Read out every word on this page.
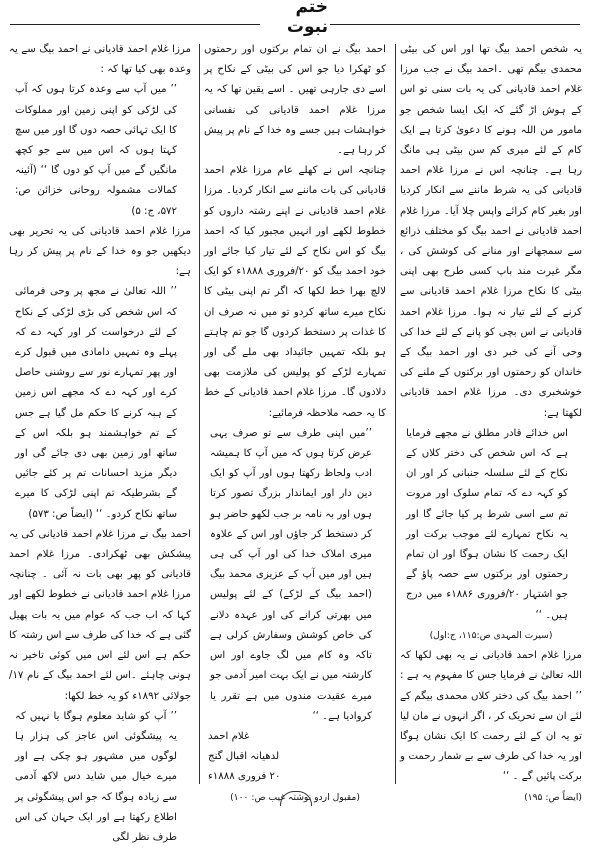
ختم نبوت

یہ شخص احمد بیگ تھا اور اس کی بیٹی محمدی بیگم تھی ۔احمد بیگ نے جب مرزا غلام احمد قادیانی کی یہ بات سنی تو اس کے ہوش اڑ گئے کہ ایک ایسا شخص جو مامور من اللہ ہونے کا دعویٰ کرتا ہے ایک کام کے لئے میری کم سن بیٹی ہی مانگ رہا ہے۔ چنانچہ اس نے مرزا غلام احمد قادیانی کی یہ شرط ماننے سے انکار کردیا اور بغیر کام کرائے واپس چلا آیا۔ مرزا غلام احمد قادیانی نے احمد بیگ کو مختلف ذرائع سے سمجھانے اور منانے کی کوشش کی ، مگر غیرت مند باپ کسی طرح بھی اپنی بیٹی کا نکاح مرزا غلام احمد قادیانی سے کرنے کے لئے تیار نہ ہوا۔ مرزا غلام احمد قادیانی نے اس بچی کو پانے کے لئے خدا کی وحی آنے کی خبر دی اور احمد بیگ کے خاندان کو رحمتوں اور برکتوں کے ملنے کی خوشخبری دی۔ مرزا غلام احمد قادیانی لکھتا ہے:

اس خدائے قادر مطلق نے مجھے فرمایا ہے کہ اس شخص کی دختر کلاں کے نکاح کے لئے سلسلہ جنبانی کر اور ان کو کہہ دے کہ تمام سلوک اور مروت تم سے اسی شرط پر کیا جائے گا اور یہ نکاح تمہارے لئے موجب برکت اور ایک رحمت کا نشان ہوگا اور ان تمام رحمتوں اور برکتوں سے حصہ پاؤ گے جو اشتہار ۲۰/فروری ۱۸۸۶ء میں درج ہیں۔ ‘‘

(سیرت المہدی ص:۱۱۵، ج:اول)

مرزا غلام احمد قادیانی نے یہ بھی لکھا کہ اللہ تعالیٰ نے فرمایا جس کا مفہوم یہ ہے : ’’ احمد بیگ کی دختر کلاں محمدی بیگم کے لئے ان سے تحریک کر ، اگر انہوں نے مان لیا تو یہ ان کے لئے رحمت کا ایک نشان ہوگا اور یہ خدا کی طرف سے بے شمار رحمت و برکت پائیں گے ۔ ‘‘

(ایضاً ص: ۱۹۵)

احمد بیگ نے ان تمام برکتوں اور رحمتوں کو ٹھکرا دیا جو اس کی بیٹی کے نکاح پر اسے دی جارہی تھیں ۔ اسے یقین تھا کہ یہ مرزا غلام احمد قادیانی کی نفسانی خواہشات ہیں جسے وہ خدا کے نام پر پیش کر رہا ہے۔

چنانچہ اس نے کھلے عام مرزا غلام احمد قادیانی کی بات ماننے سے انکار کردیا۔ مرزا غلام احمد قادیانی نے اپنے رشتہ داروں کو خطوط لکھے اور انہیں مجبور کیا کہ احمد بیگ کو اس نکاح کے لئے تیار کیا جائے اور خود احمد بیگ کو ۲۰/فروری ۱۸۸۸ء کو ایک لالچ بھرا خط لکھا کہ اگر تم اپنی بیٹی کا نکاح میرے ساتھ کردو تو میں نہ صرف ان کا غذات پر دستخط کردوں گا جو تم چاہتے ہو بلکہ تمہیں جائیداد بھی ملے گی اور تمہارے لڑکے کو پولیس کی ملازمت بھی دلادوں گا۔ مرزا غلام احمد قادیانی کے خط کا یہ حصہ ملاحظہ فرمائیے:

’’میں اپنی طرف سے تو صرف یہی عرض کرتا ہوں کہ میں آپ کا ہمیشہ ادب ولحاظ رکھتا ہوں اور آپ کو ایک دین دار اور ایماندار بزرگ تصور کرتا ہوں اور بہ نامہ بر جب لکھو حاضر ہو کر دستخط کر جاؤں اور اس کے علاوہ میری املاک خدا کی اور آپ کی ہی ہیں اور میں آپ کے عزیزی محمد بیگ (احمد بیگ کے لڑکے) کے لئے پولیس میں بھرتی کرانے کی اور عہدہ دلانے کی خاص کوشش وسفارش کرلی ہے تاکہ وہ کام میں لگ جاوے اور اس کارشتہ میں نے ایک بہت امیر آدمی جو میرے عقیدت مندوں میں ہے تقرر یا کروادیا ہے۔ ‘‘

غلام احمد

لدھیانہ اقبال گنج

۲۰ فروری ۱۸۸۸ء

(مقبول اردو نوشتہ غیب ص: ۱۰۰)

مرزا غلام احمد قادیانی نے احمد بیگ سے یہ وعدہ بھی کیا تھا کہ :

’’ میں آپ سے وعدہ کرتا ہوں کہ آپ کی لڑکی کو اپنی زمین اور مملوکات کا ایک تہائی حصہ دوں گا اور میں سچ کہتا ہوں کہ اس میں سے جو کچھ مانگیں گے میں آپ کو دوں گا ‘‘ (آئینہ کمالات مشمولہ روحانی خزائن ص: ۵۷۲، ج: ۵)

مرزا غلام احمد قادیانی کی یہ تحریر بھی دیکھیں جو وہ خدا کے نام پر پیش کر رہا ہے:

’’ اللہ تعالیٰ نے مجھ پر وحی فرمائی کہ اس شخص کی بڑی لڑکی کے نکاح کے لئے درخواست کر اور کہہ دے کہ پہلے وہ تمہیں دامادی میں قبول کرے اور پھر تمہارے نور سے روشنی حاصل کرے اور کہہ دے کہ مجھے اس زمین کے ہبہ کرنے کا حکم مل گیا ہے جس کے تم خواہشمند ہو بلکہ اس کے ساتھ اور زمین بھی دی جائے گی اور دیگر مزید احسانات تم پر کئے جائیں گے بشرطیکہ تم اپنی لڑکی کا میرے ساتھ نکاح کردو۔ ‘‘ (ایضاً ص: ۵۷۳)

احمد بیگ نے مرزا غلام احمد قادیانی کی یہ پیشکش بھی ٹھکرادی۔ مرزا غلام احمد قادیانی کو پھر بھی بات نہ آئی ۔ چنانچہ مرزا غلام احمد قادیانی نے خطوط لکھے اور کہا کہ اب جب کہ عوام میں یہ بات پھیل گئی ہے کہ خدا کی طرف سے اس رشتہ کا حکم ہے اس لئے اس میں کوئی تاخیر نہ ہونی چاہئے ۔اس لئے احمد بیگ کے نام ۱۷/جولائی ۱۸۹۲ء کو یہ خط لکھا:

’’ آپ کو شاید معلوم ہوگا یا نہیں کہ یہ پیشگوئی اس عاجز کی ہزار ہا لوگوں میں مشہور ہو چکی ہے اور میرے خیال میں شاید دس لاکھ آدمی سے زیادہ ہوگا کہ جو اس پیشگوئی پر اطلاع رکھتا ہے اور ایک جہان کی اس طرف نظر لگی
